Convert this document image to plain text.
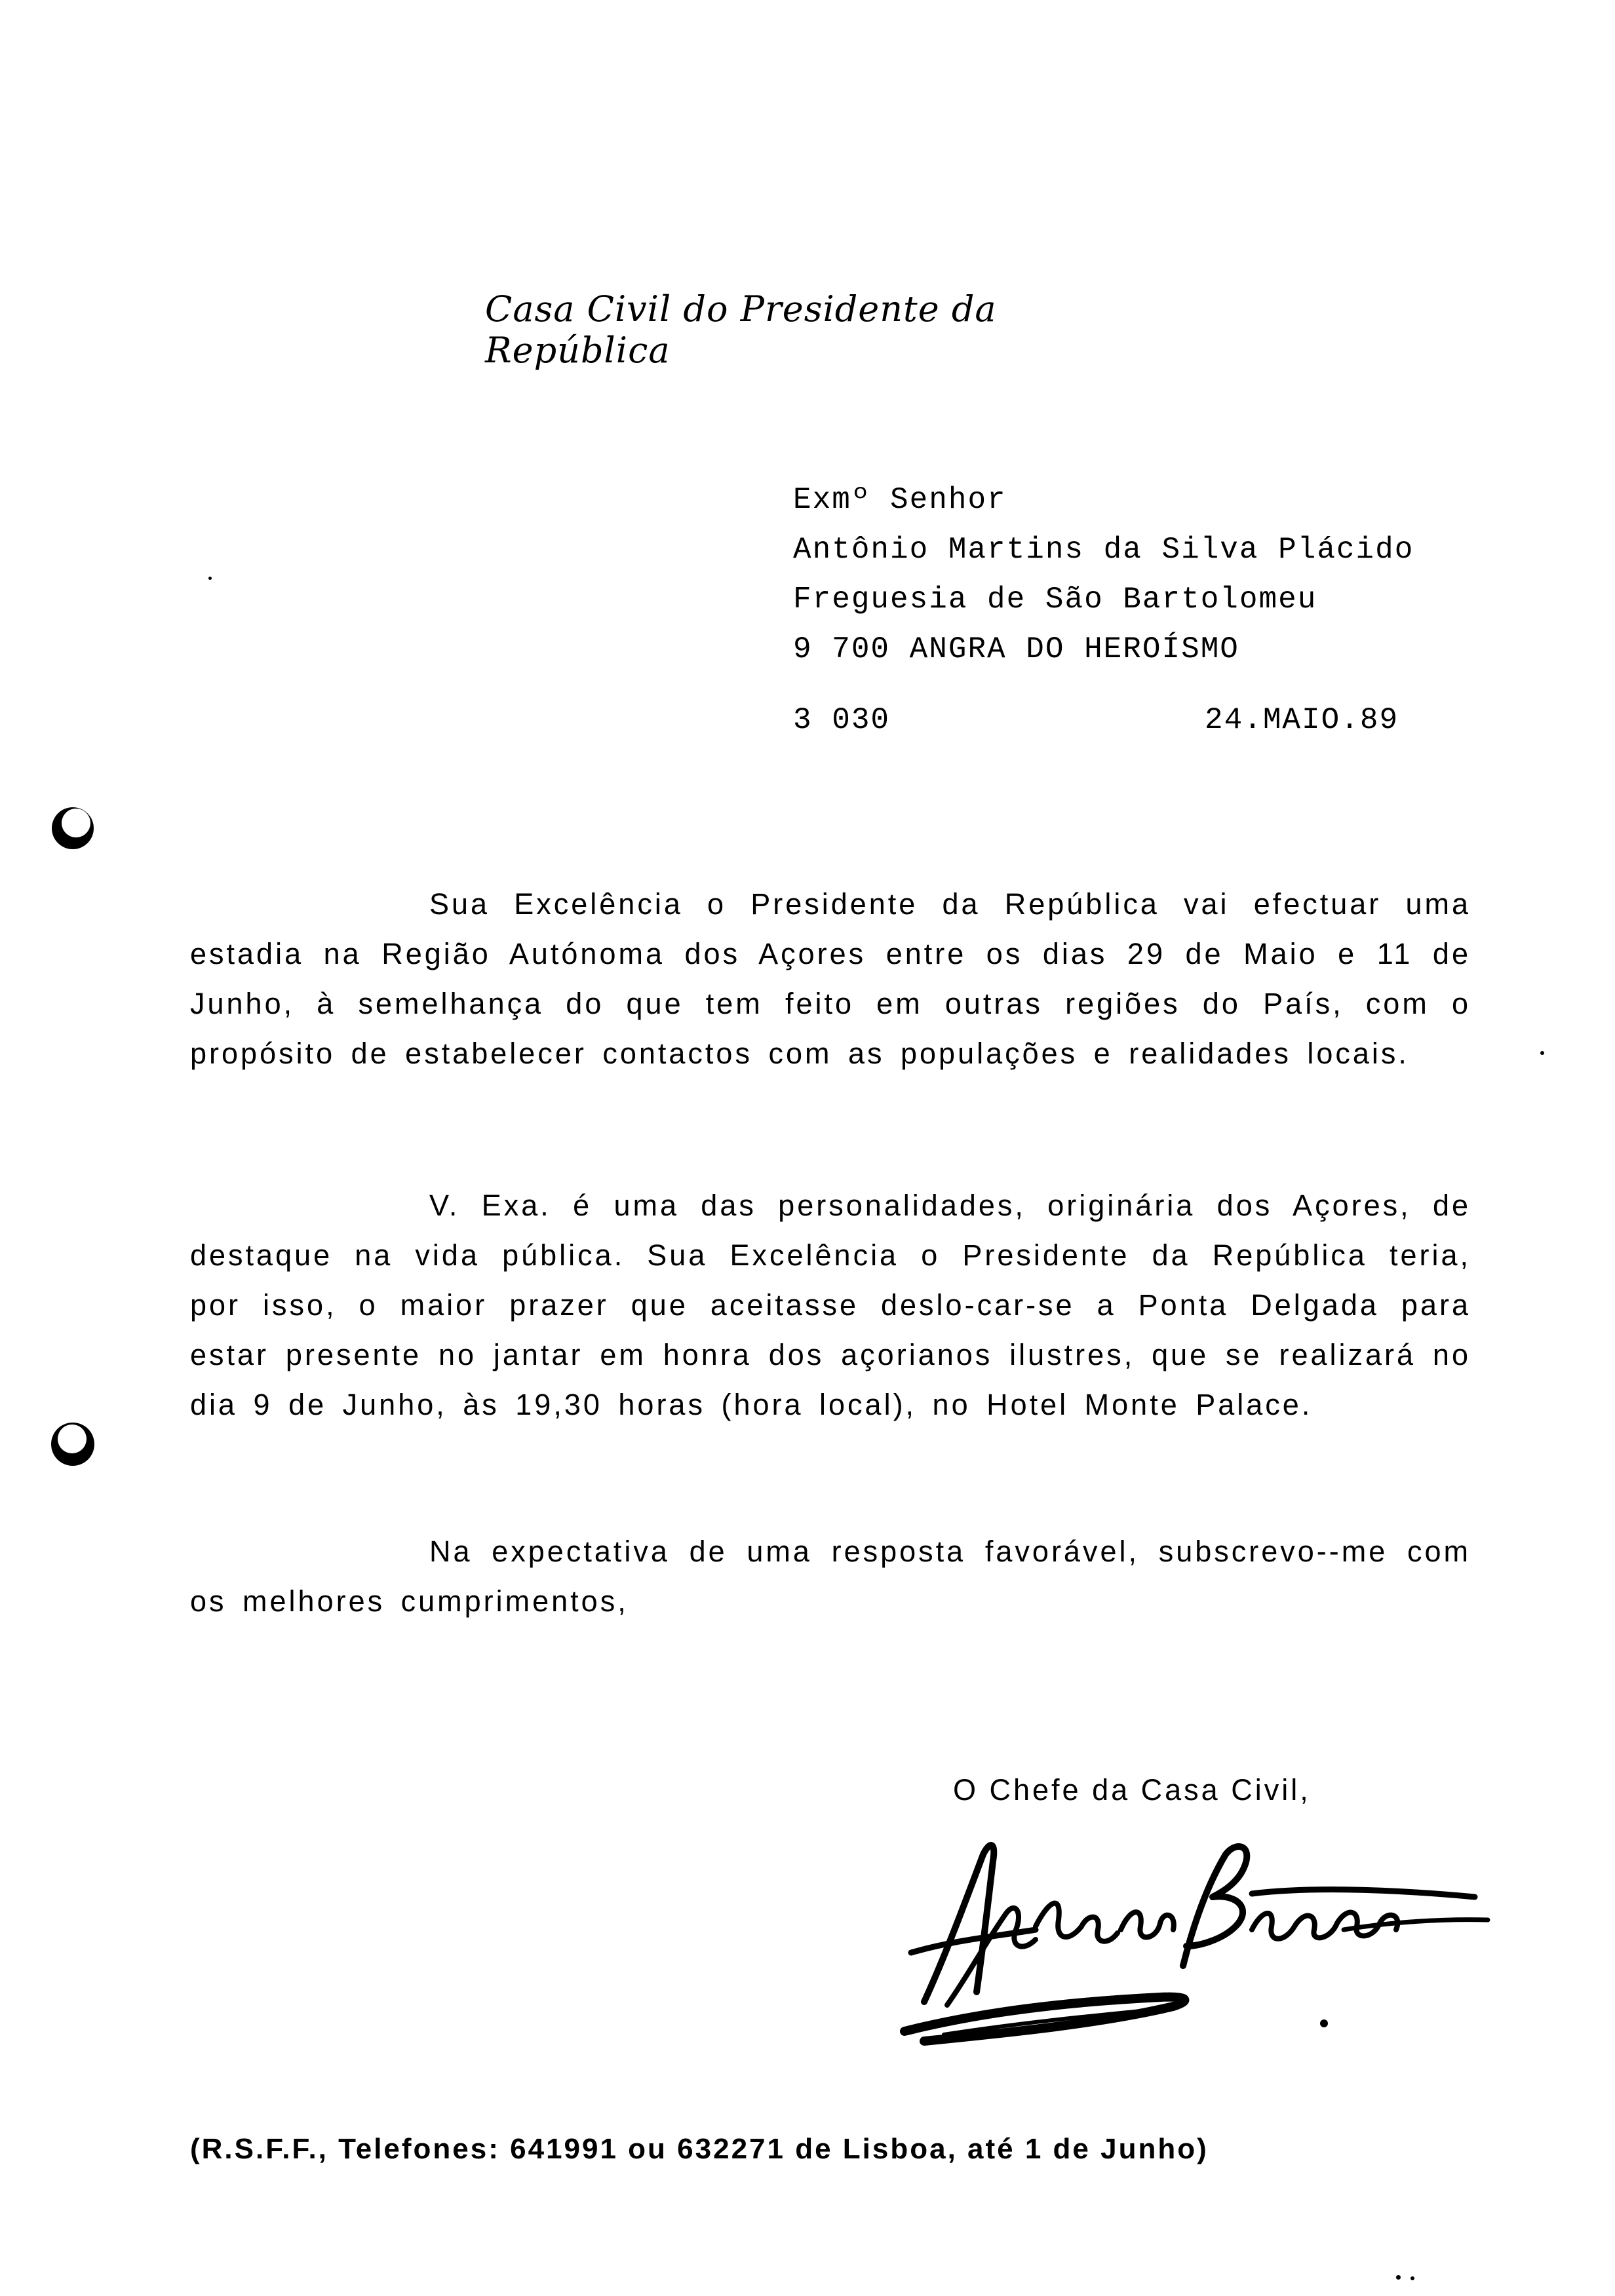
Casa Civil do Presidente da República
Exmº Senhor
Antônio Martins da Silva Plácido
Freguesia de São Bartolomeu
9 700 ANGRA DO HEROÍSMO
3 030	24.MAIO.89

Sua Excelência o Presidente da República vai efectuar uma estadia na Região Autónoma dos Açores entre os dias 29 de Maio e 11 de Junho, à semelhança do que tem feito em outras regiões do País, com o propósito de estabelecer contactos com as populações e realidades locais.

V. Exa. é uma das personalidades, originária dos Açores, de destaque na vida pública. Sua Excelência o Presidente da República teria, por isso, o maior prazer que aceitasse deslo-car-se a Ponta Delgada para estar presente no jantar em honra dos açorianos ilustres, que se realizará no dia 9 de Junho, às 19,30 horas (hora local), no Hotel Monte Palace.

Na expectativa de uma resposta favorável, subscrevo--me com os melhores cumprimentos,

O Chefe da Casa Civil,
(R.S.F.F., Telefones: 641991 ou 632271 de Lisboa, até 1 de Junho)
